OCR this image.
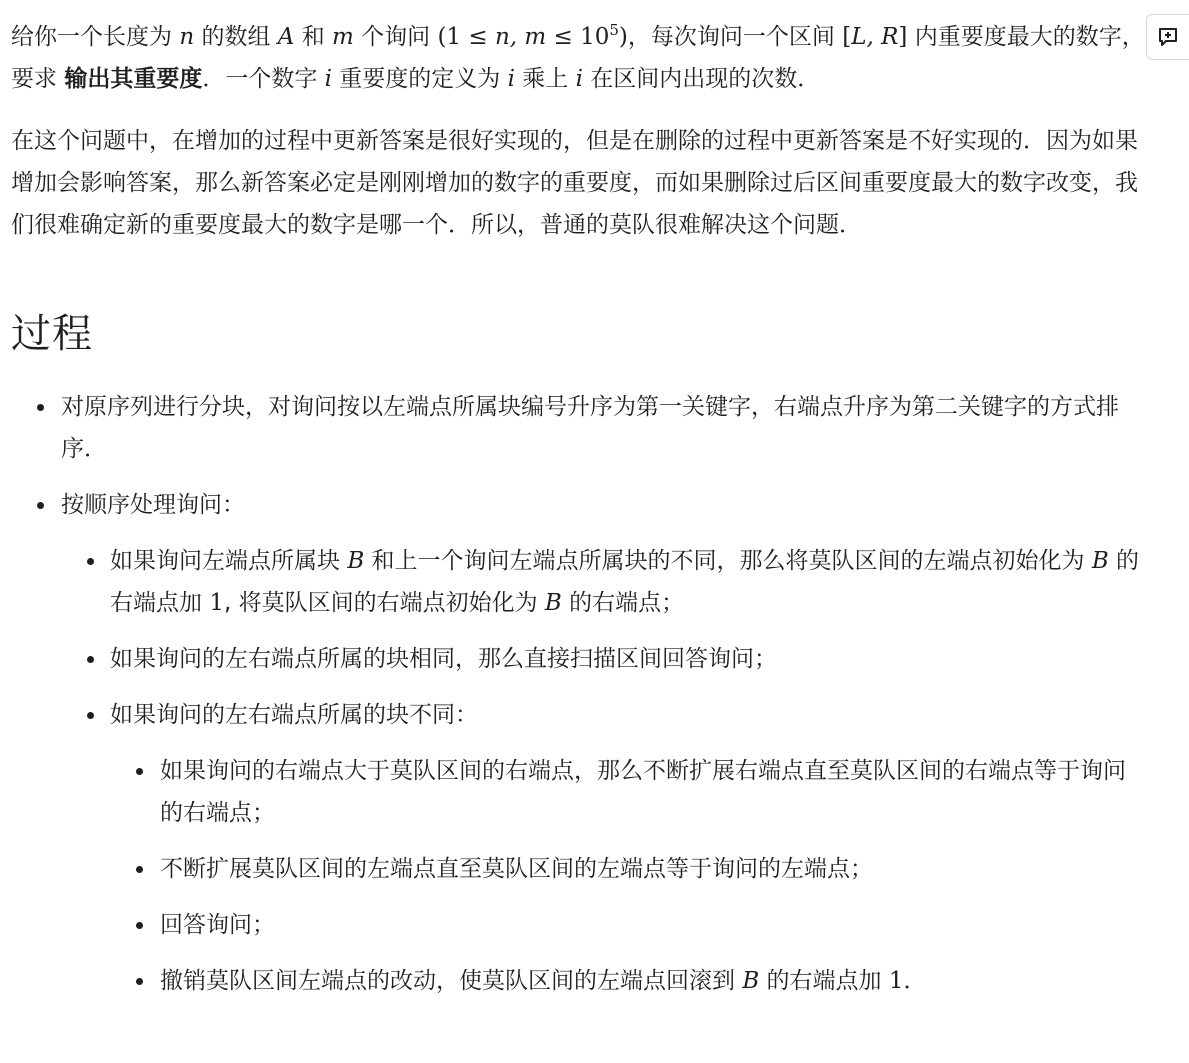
给你一个长度为 n 的数组 A 和 m 个询问 (1 ≤ n, $m \le 10^5$)，每次询问一个区间 [L, R] 内重要度最大的数字，要求 输出其重要度．一个数字 i 重要度的定义为 i 乘上 i 在区间内出现的次数．

在这个问题中，在增加的过程中更新答案是很好实现的，但是在删除的过程中更新答案是不好实现的．因为如果增加会影响答案，那么新答案必定是刚刚增加的数字的重要度，而如果删除过后区间重要度最大的数字改变，我们很难确定新的重要度最大的数字是哪一个．所以，普通的莫队很难解决这个问题．

过程
对原序列进行分块，对询问按以左端点所属块编号升序为第一关键字，右端点升序为第二关键字的方式排序．
按顺序处理询问：
如果询问左端点所属块 B 和上一个询问左端点所属块的不同，那么将莫队区间的左端点初始化为 B 的右端点加 1, 将莫队区间的右端点初始化为 B 的右端点；
如果询问的左右端点所属的块相同，那么直接扫描区间回答询问；
如果询问的左右端点所属的块不同：
如果询问的右端点大于莫队区间的右端点，那么不断扩展右端点直至莫队区间的右端点等于询问的右端点；
不断扩展莫队区间的左端点直至莫队区间的左端点等于询问的左端点；
回答询问；
撤销莫队区间左端点的改动，使莫队区间的左端点回滚到 B 的右端点加 1．
